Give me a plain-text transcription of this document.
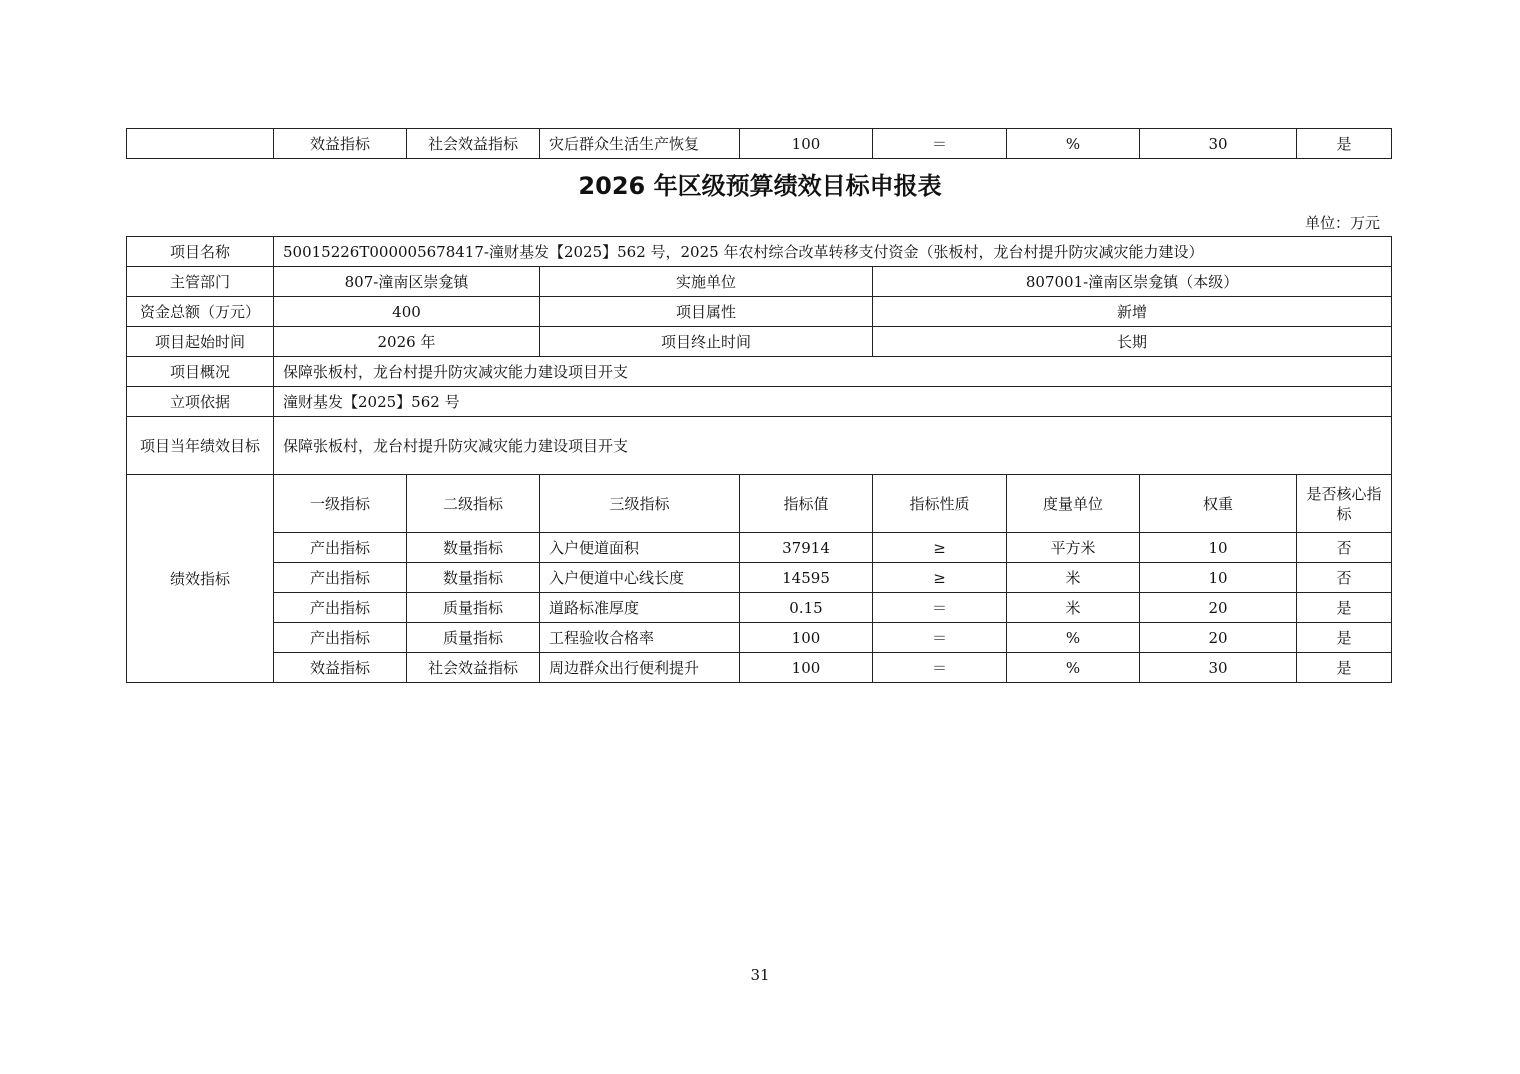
	效益指标	社会效益指标	灾后群众生活生产恢复	100	＝	%	30	是
2026 年区级预算绩效目标申报表
单位：万元
项目名称	50015226T000005678417-潼财基发【2025】562 号，2025 年农村综合改革转移支付资金（张板村，龙台村提升防灾减灾能力建设）							
主管部门	807-潼南区崇龛镇		实施单位		807001-潼南区崇龛镇（本级）			
资金总额（万元）	400		项目属性		新增			
项目起始时间	2026 年		项目终止时间		长期			
项目概况	保障张板村，龙台村提升防灾减灾能力建设项目开支							
立项依据	潼财基发【2025】562 号							
项目当年绩效目标	保障张板村，龙台村提升防灾减灾能力建设项目开支							
绩效指标	一级指标	二级指标	三级指标	指标值	指标性质	度量单位	权重	是否核心指标
	产出指标	数量指标	入户便道面积	37914	≥	平方米	10	否
	产出指标	数量指标	入户便道中心线长度	14595	≥	米	10	否
	产出指标	质量指标	道路标准厚度	0.15	＝	米	20	是
	产出指标	质量指标	工程验收合格率	100	＝	%	20	是
	效益指标	社会效益指标	周边群众出行便利提升	100	＝	%	30	是
31
